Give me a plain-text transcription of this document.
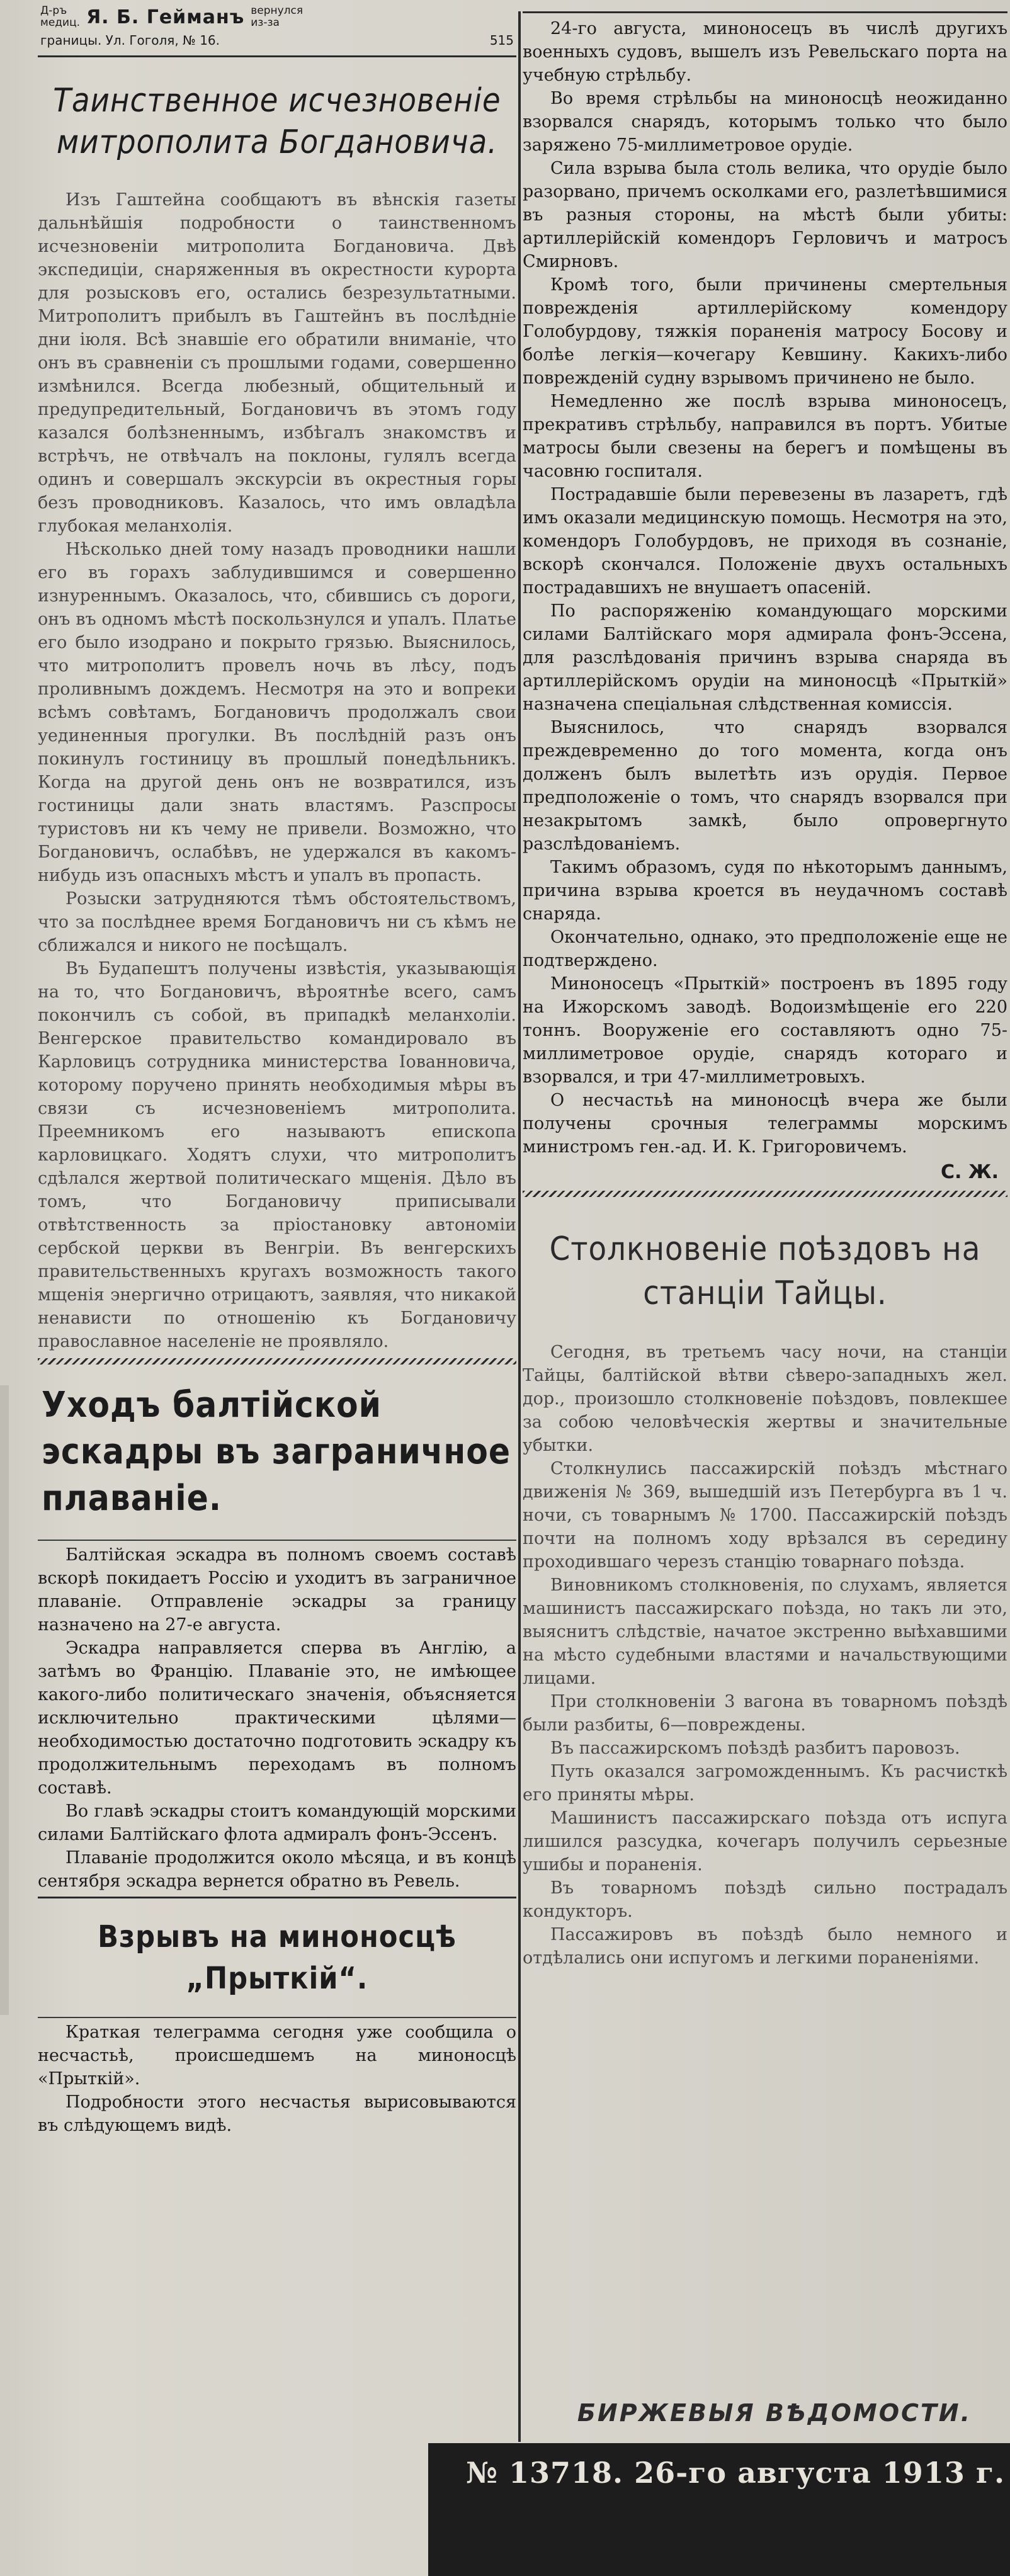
Д-ръ
медиц. Я. Б. Гейманъ вернулся
из-за
границы. Ул. Гоголя, № 16.	515
Таинственное исчезновеніе митрополита Богдановича.

Изъ Гаштейна сообщаютъ въ вѣнскія газеты дальнѣйшія подробности о таинственномъ исчезновеніи митрополита Богдановича. Двѣ экспедиціи, снаряженныя въ окрестности курорта для розысковъ его, остались безрезультатными. Митрополитъ прибылъ въ Гаштейнъ въ послѣдніе дни іюля. Всѣ знавшіе его обратили вниманіе, что онъ въ сравненіи съ прошлыми годами, совершенно измѣнился. Всегда любезный, общительный и предупредительный, Богдановичъ въ этомъ году казался болѣзненнымъ, избѣгалъ знакомствъ и встрѣчъ, не отвѣчалъ на поклоны, гулялъ всегда одинъ и совершалъ экскурсіи въ окрестныя горы безъ проводниковъ. Казалось, что имъ овладѣла глубокая меланхолія.

Нѣсколько дней тому назадъ проводники нашли его въ горахъ заблудившимся и совершенно изнуреннымъ. Оказалось, что, сбившись съ дороги, онъ въ одномъ мѣстѣ поскользнулся и упалъ. Платье его было изодрано и покрыто грязью. Выяснилось, что митрополитъ провелъ ночь въ лѣсу, подъ проливнымъ дождемъ. Несмотря на это и вопреки всѣмъ совѣтамъ, Богдановичъ продолжалъ свои уединенныя прогулки. Въ послѣдній разъ онъ покинулъ гостиницу въ прошлый понедѣльникъ. Когда на другой день онъ не возвратился, изъ гостиницы дали знать властямъ. Разспросы туристовъ ни къ чему не привели. Возможно, что Богдановичъ, ослабѣвъ, не удержался въ какомъ-нибудь изъ опасныхъ мѣстъ и упалъ въ пропасть.

Розыски затрудняются тѣмъ обстоятельствомъ, что за послѣднее время Богдановичъ ни съ кѣмъ не сближался и никого не посѣщалъ.

Въ Будапештъ получены извѣстія, указывающія на то, что Богдановичъ, вѣроятнѣе всего, самъ покончилъ съ собой, въ припадкѣ меланхоліи. Венгерское правительство командировало въ Карловицъ сотрудника министерства Іованновича, которому поручено принять необходимыя мѣры въ связи съ исчезновеніемъ митрополита. Преемникомъ его называютъ епископа карловицкаго. Ходятъ слухи, что митрополитъ сдѣлался жертвой политическаго мщенія. Дѣло въ томъ, что Богдановичу приписывали отвѣтственность за пріостановку автономіи сербской церкви въ Венгріи. Въ венгерскихъ правительственныхъ кругахъ возможность такого мщенія энергично отрицаютъ, заявляя, что никакой ненависти по отношенію къ Богдановичу православное населеніе не проявляло.

Уходъ балтійской эскадры въ заграничное плаваніе.

Балтійская эскадра въ полномъ своемъ составѣ вскорѣ покидаетъ Россію и уходитъ въ заграничное плаваніе. Отправленіе эскадры за границу назначено на 27-е августа.

Эскадра направляется сперва въ Англію, а затѣмъ во Францію. Плаваніе это, не имѣющее какого-либо политическаго значенія, объясняется исключительно практическими цѣлями—необходимостью достаточно подготовить эскадру къ продолжительнымъ переходамъ въ полномъ составѣ.

Во главѣ эскадры стоитъ командующій морскими силами Балтійскаго флота адмиралъ фонъ-Эссенъ.

Плаваніе продолжится около мѣсяца, и въ концѣ сентября эскадра вернется обратно въ Ревель.

Взрывъ на миноносцѣ
„Прыткій“.

Краткая телеграмма сегодня уже сообщила о несчастьѣ, происшедшемъ на миноносцѣ «Прыткій».

Подробности этого несчастья вырисовываются въ слѣдующемъ видѣ.

24-го августа, миноносецъ въ числѣ другихъ военныхъ судовъ, вышелъ изъ Ревельскаго порта на учебную стрѣльбу.

Во время стрѣльбы на миноносцѣ неожиданно взорвался снарядъ, которымъ только что было заряжено 75-миллиметровое орудіе.

Сила взрыва была столь велика, что орудіе было разорвано, причемъ осколками его, разлетѣвшимися въ разныя стороны, на мѣстѣ были убиты: артиллерійскій комендоръ Герловичъ и матросъ Смирновъ.

Кромѣ того, были причинены смертельныя поврежденія артиллерійскому комендору Голобурдову, тяжкія пораненія матросу Босову и болѣе легкія—кочегару Кевшину. Какихъ-либо поврежденій судну взрывомъ причинено не было.

Немедленно же послѣ взрыва миноносецъ, прекративъ стрѣльбу, направился въ портъ. Убитые матросы были свезены на берегъ и помѣщены въ часовню госпиталя.

Пострадавшіе были перевезены въ лазаретъ, гдѣ имъ оказали медицинскую помощь. Несмотря на это, комендоръ Голобурдовъ, не приходя въ сознаніе, вскорѣ скончался. Положеніе двухъ остальныхъ пострадавшихъ не внушаетъ опасеній.

По распоряженію командующаго морскими силами Балтійскаго моря адмирала фонъ-Эссена, для разслѣдованія причинъ взрыва снаряда въ артиллерійскомъ орудіи на миноносцѣ «Прыткій» назначена спеціальная слѣдственная комиссія.

Выяснилось, что снарядъ взорвался преждевременно до того момента, когда онъ долженъ былъ вылетѣть изъ орудія. Первое предположеніе о томъ, что снарядъ взорвался при незакрытомъ замкѣ, было опровергнуто разслѣдованіемъ.

Такимъ образомъ, судя по нѣкоторымъ даннымъ, причина взрыва кроется въ неудачномъ составѣ снаряда.

Окончательно, однако, это предположеніе еще не подтверждено.

Миноносецъ «Прыткій» построенъ въ 1895 году на Ижорскомъ заводѣ. Водоизмѣщеніе его 220 тоннъ. Вооруженіе его составляютъ одно 75-миллиметровое орудіе, снарядъ котораго и взорвался, и три 47-миллиметровыхъ.

О несчастьѣ на миноносцѣ вчера же были получены срочныя телеграммы морскимъ министромъ ген.-ад. И. К. Григоровичемъ.

С. Ж.
Столкновеніе поѣздовъ на станціи Тайцы.

Сегодня, въ третьемъ часу ночи, на станціи Тайцы, балтійской вѣтви сѣверо-западныхъ жел. дор., произошло столкновеніе поѣздовъ, повлекшее за собою человѣческія жертвы и значительные убытки.

Столкнулись пассажирскій поѣздъ мѣстнаго движенія № 369, вышедшій изъ Петербурга въ 1 ч. ночи, съ товарнымъ № 1700. Пассажирскій поѣздъ почти на полномъ ходу врѣзался въ середину проходившаго черезъ станцію товарнаго поѣзда.

Виновникомъ столкновенія, по слухамъ, является машинистъ пассажирскаго поѣзда, но такъ ли это, выяснитъ слѣдствіе, начатое экстренно выѣхавшими на мѣсто судебными властями и начальствующими лицами.

При столкновеніи 3 вагона въ товарномъ поѣздѣ были разбиты, 6—повреждены.

Въ пассажирскомъ поѣздѣ разбитъ паровозъ.

Путь оказался загроможденнымъ. Къ расчисткѣ его приняты мѣры.

Машинистъ пассажирскаго поѣзда отъ испуга лишился разсудка, кочегаръ получилъ серьезные ушибы и пораненія.

Въ товарномъ поѣздѣ сильно пострадалъ кондукторъ.

Пассажировъ въ поѣздѣ было немного и отдѣлались они испугомъ и легкими пораненіями.

БИРЖЕВЫЯ ВѢДОМОСТИ.
№ 13718. 26-го августа 1913 г.
